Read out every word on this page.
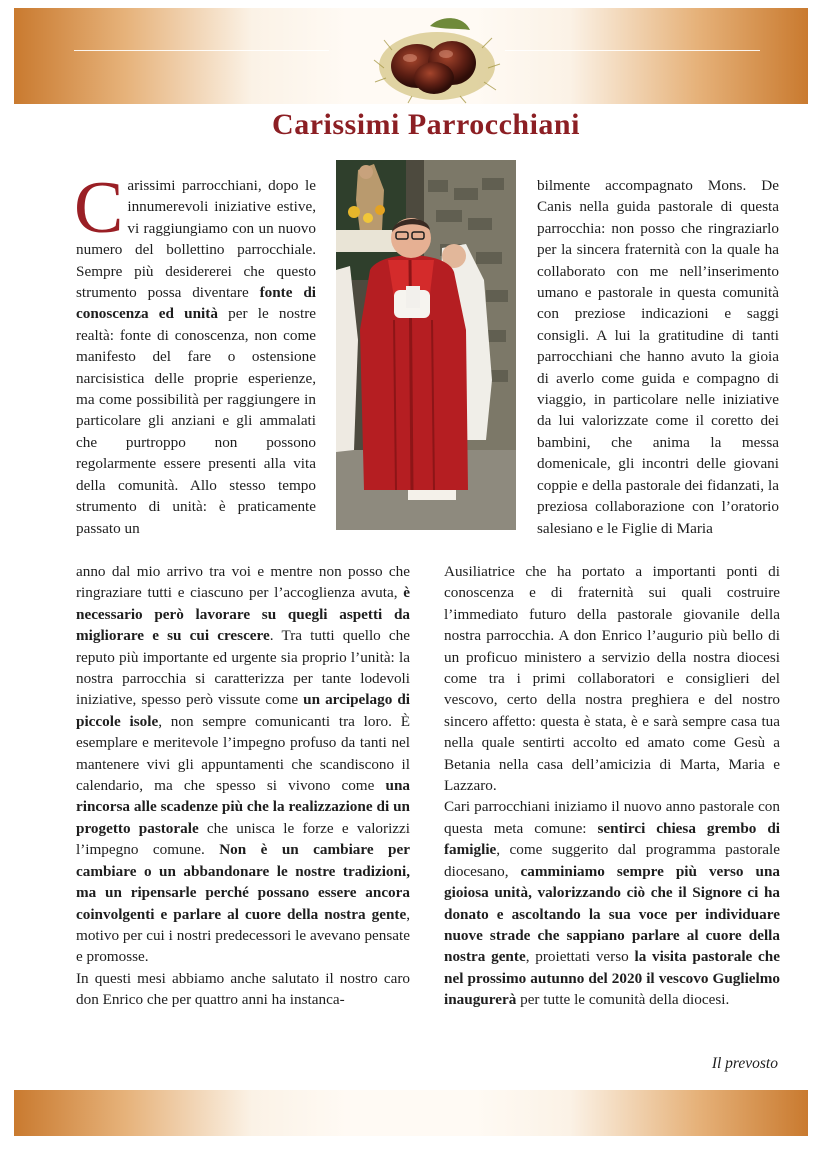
Carissimi Parrocchiani
Carissimi parrocchiani, dopo le innumerevoli iniziative estive, vi raggiungiamo con un nuovo numero del bollettino parrocchiale. Sempre più desidererei che questo strumento possa diventare fonte di conoscenza ed unità per le nostre realtà: fonte di conoscenza, non come manifesto del fare o ostensione narcisistica delle proprie esperienze, ma come possibilità per raggiungere in particolare gli anziani e gli ammalati che purtroppo non possono regolarmente essere presenti alla vita della comunità. Allo stesso tempo strumento di unità: è praticamente passato un
anno dal mio arrivo tra voi e mentre non posso che ringraziare tutti e ciascuno per l’accoglienza avuta, è necessario però lavorare su quegli aspetti da migliorare e su cui crescere. Tra tutti quello che reputo più importante ed urgente sia proprio l’unità: la nostra parrocchia si caratterizza per tante lodevoli iniziative, spesso però vissute come un arcipelago di piccole isole, non sempre comunicanti tra loro. È esemplare e meritevole l’impegno profuso da tanti nel mantenere vivi gli appuntamenti che scandiscono il calendario, ma che spesso si vivono come una rincorsa alle scadenze più che la realizzazione di un progetto pastorale che unisca le forze e valorizzi l’impegno comune. Non è un cambiare per cambiare o un abbandonare le nostre tradizioni, ma un ripensarle perché possano essere ancora coinvolgenti e parlare al cuore della nostra gente, motivo per cui i nostri predecessori le avevano pensate e promosse.
In questi mesi abbiamo anche salutato il nostro caro don Enrico che per quattro anni ha instanca-
bilmente accompagnato Mons. De Canis nella guida pastorale di questa parrocchia: non posso che ringraziarlo per la sincera fraternità con la quale ha collaborato con me nell’inserimento umano e pastorale in questa comunità con preziose indicazioni e saggi consigli. A lui la gratitudine di tanti parrocchiani che hanno avuto la gioia di averlo come guida e compagno di viaggio, in particolare nelle iniziative da lui valorizzate come il coretto dei bambini, che anima la messa domenicale, gli incontri delle giovani coppie e della pastorale dei fidanzati, la preziosa collaborazione con l’oratorio salesiano e le Figlie di Maria

Ausiliatrice che ha portato a importanti ponti di conoscenza e di fraternità sui quali costruire l’immediato futuro della pastorale giovanile della nostra parrocchia. A don Enrico l’augurio più bello di un proficuo ministero a servizio della nostra diocesi come tra i primi collaboratori e consiglieri del vescovo, certo della nostra preghiera e del nostro sincero affetto: questa è stata, è e sarà sempre casa tua nella quale sentirti accolto ed amato come Gesù a Betania nella casa dell’amicizia di Marta, Maria e Lazzaro.

Cari parrocchiani iniziamo il nuovo anno pastorale con questa meta comune: sentirci chiesa grembo di famiglie, come suggerito dal programma pastorale diocesano, camminiamo sempre più verso una gioiosa unità, valorizzando ciò che il Signore ci ha donato e ascoltando la sua voce per individuare nuove strade che sappiano parlare al cuore della nostra gente, proiettati verso la visita pastorale che nel prossimo autunno del 2020 il vescovo Guglielmo inaugurerà per tutte le comunità della diocesi.

Il prevosto
